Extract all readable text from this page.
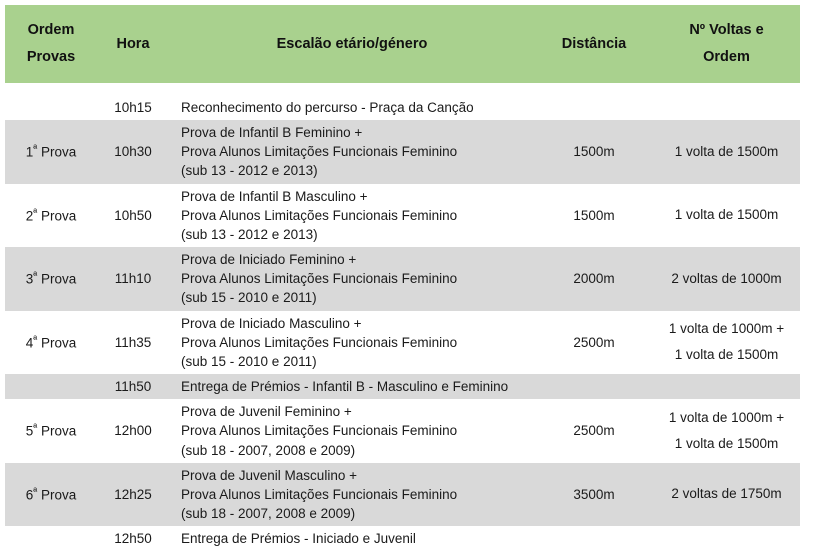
Ordem
Provas	Hora	Escalão etário/género	Distância	Nº Voltas e
Ordem

	10h15	Reconhecimento do percurso - Praça da Canção		

$1^ª$ Prova	10h30	Prova de Infantil B Feminino +
Prova Alunos Limitações Funcionais Feminino
(sub 13 - 2012 e 2013)	1500m	1 volta de 1500m

$2^ª$ Prova	10h50	Prova de Infantil B Masculino +
Prova Alunos Limitações Funcionais Feminino
(sub 13 - 2012 e 2013)	1500m	1 volta de 1500m

$3^ª$ Prova	11h10	Prova de Iniciado Feminino +
Prova Alunos Limitações Funcionais Feminino
(sub 15 - 2010 e 2011)	2000m	2 voltas de 1000m

$4^ª$ Prova	11h35	Prova de Iniciado Masculino +
Prova Alunos Limitações Funcionais Feminino
(sub 15 - 2010 e 2011)	2500m	1 volta de 1000m +
1 volta de 1500m

	11h50	Entrega de Prémios - Infantil B - Masculino e Feminino		

$5^ª$ Prova	12h00	Prova de Juvenil Feminino +
Prova Alunos Limitações Funcionais Feminino
(sub 18 - 2007, 2008 e 2009)	2500m	1 volta de 1000m +
1 volta de 1500m

$6^ª$ Prova	12h25	Prova de Juvenil Masculino +
Prova Alunos Limitações Funcionais Feminino
(sub 18 - 2007, 2008 e 2009)	3500m	2 voltas de 1750m

	12h50	Entrega de Prémios - Iniciado e Juvenil		
